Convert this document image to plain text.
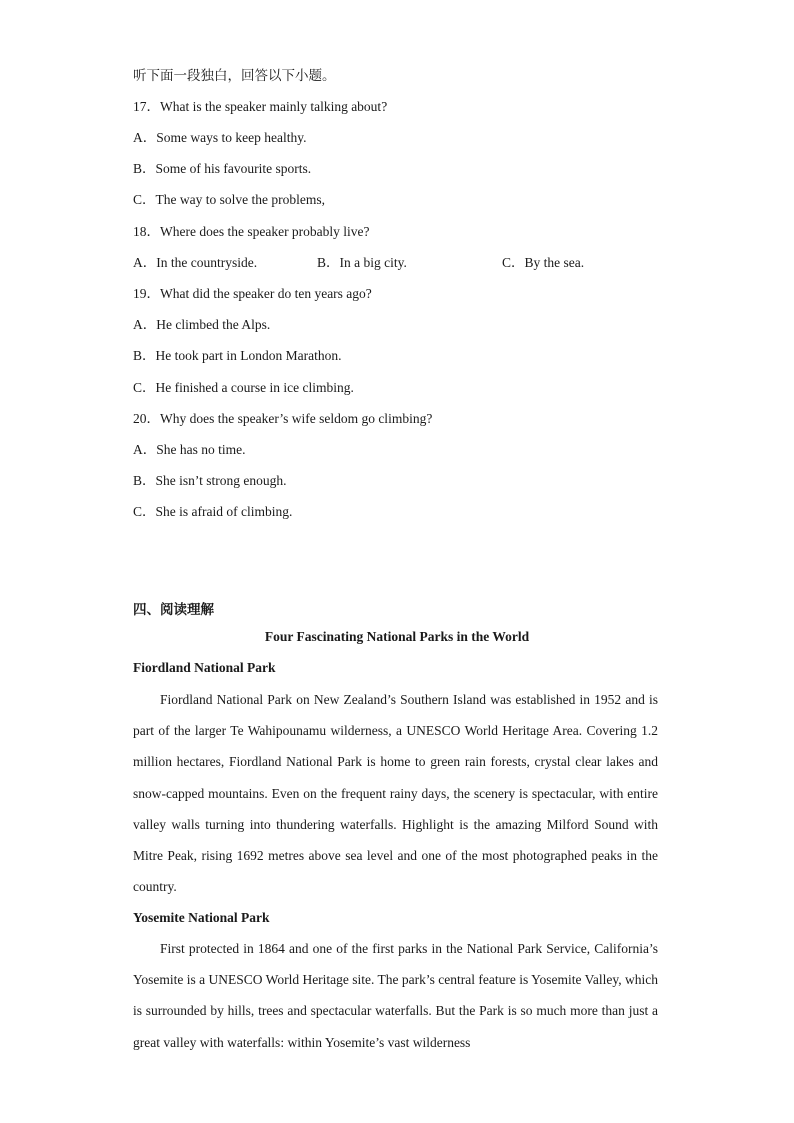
听下面一段独白，回答以下小题。
17．What is the speaker mainly talking about?
A．Some ways to keep healthy.
B．Some of his favourite sports.
C．The way to solve the problems,
18．Where does the speaker probably live?
A．In the countryside.	B．In a big city.	C．By the sea.
19．What did the speaker do ten years ago?
A．He climbed the Alps.
B．He took part in London Marathon.
C．He finished a course in ice climbing.
20．Why does the speaker’s wife seldom go climbing?
A．She has no time.
B．She isn’t strong enough.
C．She is afraid of climbing.
四、阅读理解
Four Fascinating National Parks in the World
Fiordland National Park

Fiordland National Park on New Zealand’s Southern Island was established in 1952 and is part of the larger Te Wahipounamu wilderness, a UNESCO World Heritage Area. Covering 1.2 million hectares, Fiordland National Park is home to green rain forests, crystal clear lakes and snow-capped mountains. Even on the frequent rainy days, the scenery is spectacular, with entire valley walls turning into thundering waterfalls. Highlight is the amazing Milford Sound with Mitre Peak, rising 1692 metres above sea level and one of the most photographed peaks in the country.

Yosemite National Park

First protected in 1864 and one of the first parks in the National Park Service, California’s Yosemite is a UNESCO World Heritage site. The park’s central feature is Yosemite Valley, which is surrounded by hills, trees and spectacular waterfalls. But the Park is so much more than just a great valley with waterfalls: within Yosemite’s vast wilderness
